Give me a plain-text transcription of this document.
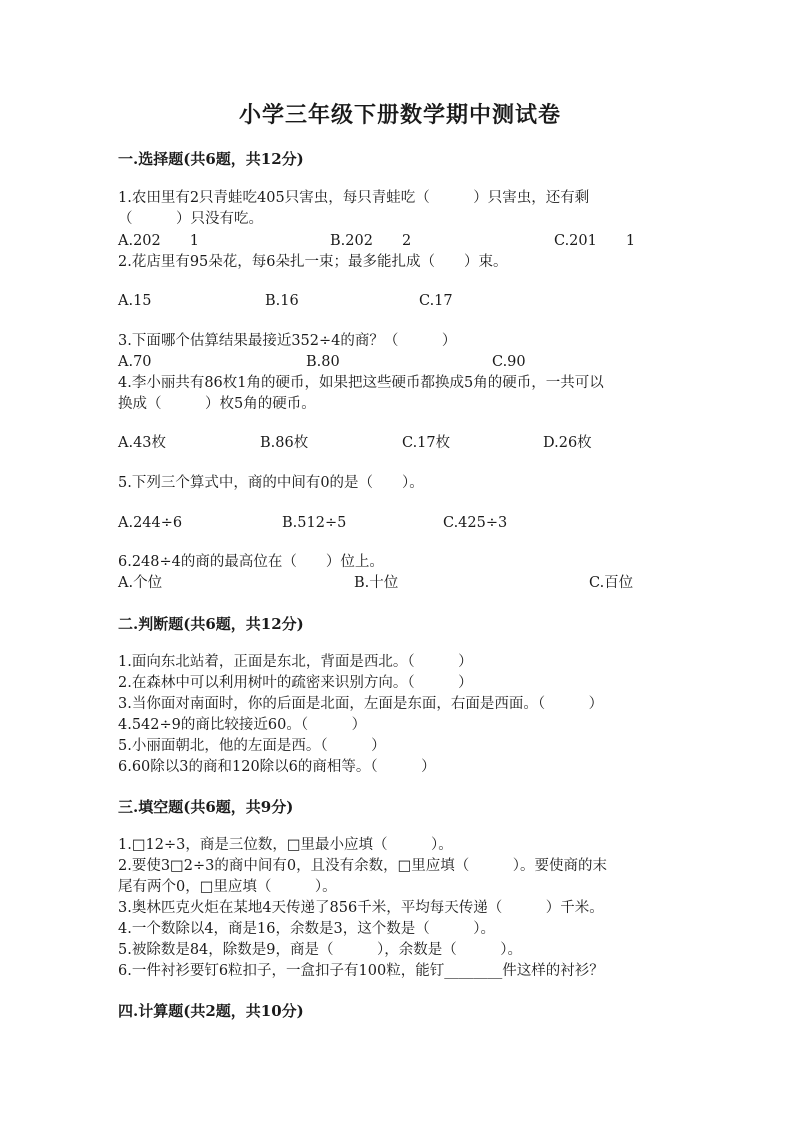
小学三年级下册数学期中测试卷
一.选择题(共6题，共12分)
1.农田里有2只青蛙吃405只害虫，每只青蛙吃（　　　）只害虫，还有剩
（　　　）只没有吃。
A.202　　1	B.202　　2	C.201　　1
2.花店里有95朵花，每6朵扎一束；最多能扎成（　　）束。
A.15	B.16	C.17
3.下面哪个估算结果最接近352÷4的商？（　　　）
A.70	B.80	C.90
4.李小丽共有86枚1角的硬币，如果把这些硬币都换成5角的硬币，一共可以
换成（　　　）枚5角的硬币。
A.43枚	B.86枚	C.17枚	D.26枚
5.下列三个算式中，商的中间有0的是（　　）。
A.244÷6	B.512÷5	C.425÷3
6.248÷4的商的最高位在（　　）位上。
A.个位	B.十位	C.百位
二.判断题(共6题，共12分)
1.面向东北站着，正面是东北，背面是西北。（　　　）
2.在森林中可以利用树叶的疏密来识别方向。（　　　）
3.当你面对南面时，你的后面是北面，左面是东面，右面是西面。（　　　）
4.542÷9的商比较接近60。（　　　）
5.小丽面朝北，他的左面是西。（　　　）
6.60除以3的商和120除以6的商相等。（　　　）
三.填空题(共6题，共9分)
1.□12÷3，商是三位数，□里最小应填（　　　）。
2.要使3□2÷3的商中间有0，且没有余数，□里应填（　　　）。要使商的末
尾有两个0，□里应填（　　　）。
3.奥林匹克火炬在某地4天传递了856千米，平均每天传递（　　　）千米。
4.一个数除以4，商是16，余数是3，这个数是（　　　）。
5.被除数是84，除数是9，商是（　　　），余数是（　　　）。
6.一件衬衫要钉6粒扣子，一盒扣子有100粒，能钉________件这样的衬衫？
四.计算题(共2题，共10分)
